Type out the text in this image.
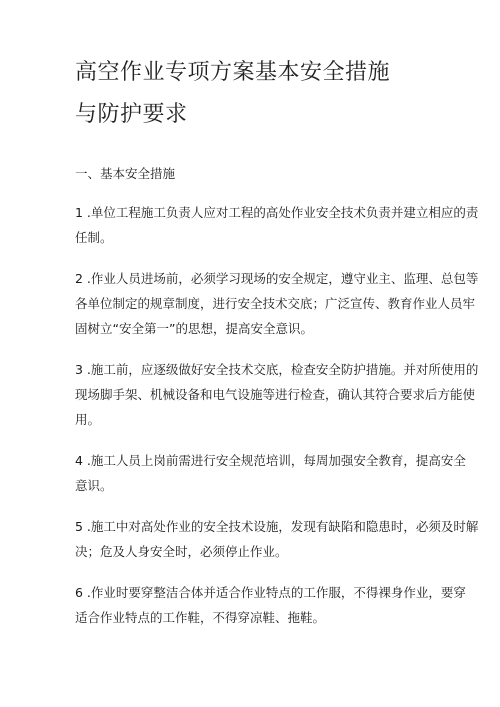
高空作业专项方案基本安全措施
与防护要求

一、基本安全措施

1 .单位工程施工负责人应对工程的高处作业安全技术负责并建立相应的责
任制。

2 .作业人员进场前，必须学习现场的安全规定，遵守业主、监理、总包等
各单位制定的规章制度，进行安全技术交底；广泛宣传、教育作业人员牢
固树立“安全第一”的思想，提高安全意识。

3 .施工前，应逐级做好安全技术交底，检查安全防护措施。并对所使用的
现场脚手架、机械设备和电气设施等进行检查，确认其符合要求后方能使
用。

4 .施工人员上岗前需进行安全规范培训，每周加强安全教育，提高安全
意识。

5 .施工中对高处作业的安全技术设施，发现有缺陷和隐患时，必须及时解
决；危及人身安全时，必须停止作业。

6 .作业时要穿整洁合体并适合作业特点的工作服，不得裸身作业，要穿
适合作业特点的工作鞋，不得穿凉鞋、拖鞋。
